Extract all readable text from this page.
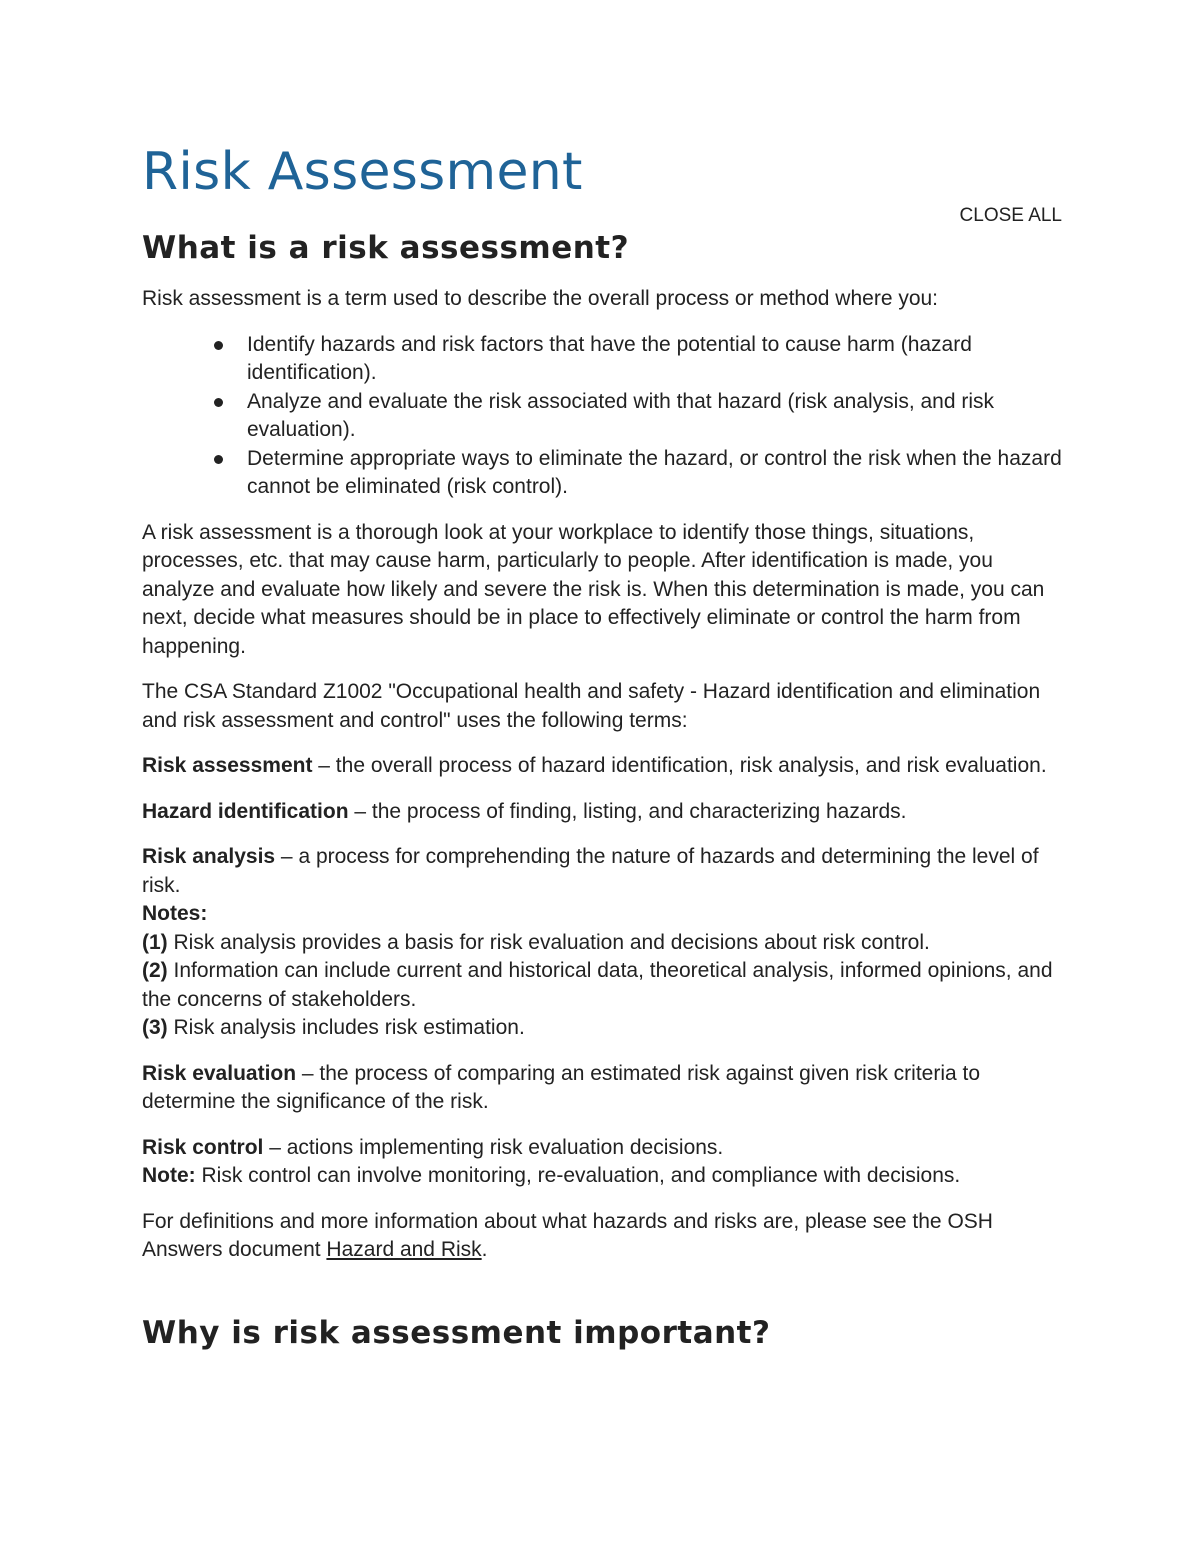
Risk Assessment
CLOSE ALL
What is a risk assessment?

Risk assessment is a term used to describe the overall process or method where you:

Identify hazards and risk factors that have the potential to cause harm (hazard identification).
Analyze and evaluate the risk associated with that hazard (risk analysis, and risk evaluation).
Determine appropriate ways to eliminate the hazard, or control the risk when the hazard cannot be eliminated (risk control).

A risk assessment is a thorough look at your workplace to identify those things, situations, processes, etc. that may cause harm, particularly to people. After identification is made, you analyze and evaluate how likely and severe the risk is. When this determination is made, you can next, decide what measures should be in place to effectively eliminate or control the harm from happening.

The CSA Standard Z1002 "Occupational health and safety - Hazard identification and elimination and risk assessment and control" uses the following terms:

Risk assessment – the overall process of hazard identification, risk analysis, and risk evaluation.

Hazard identification – the process of finding, listing, and characterizing hazards.

Risk analysis – a process for comprehending the nature of hazards and determining the level of risk.
Notes:
(1) Risk analysis provides a basis for risk evaluation and decisions about risk control.
(2) Information can include current and historical data, theoretical analysis, informed opinions, and the concerns of stakeholders.
(3) Risk analysis includes risk estimation.

Risk evaluation – the process of comparing an estimated risk against given risk criteria to determine the significance of the risk.

Risk control – actions implementing risk evaluation decisions.
Note: Risk control can involve monitoring, re-evaluation, and compliance with decisions.

For definitions and more information about what hazards and risks are, please see the OSH Answers document Hazard and Risk.

Why is risk assessment important?
